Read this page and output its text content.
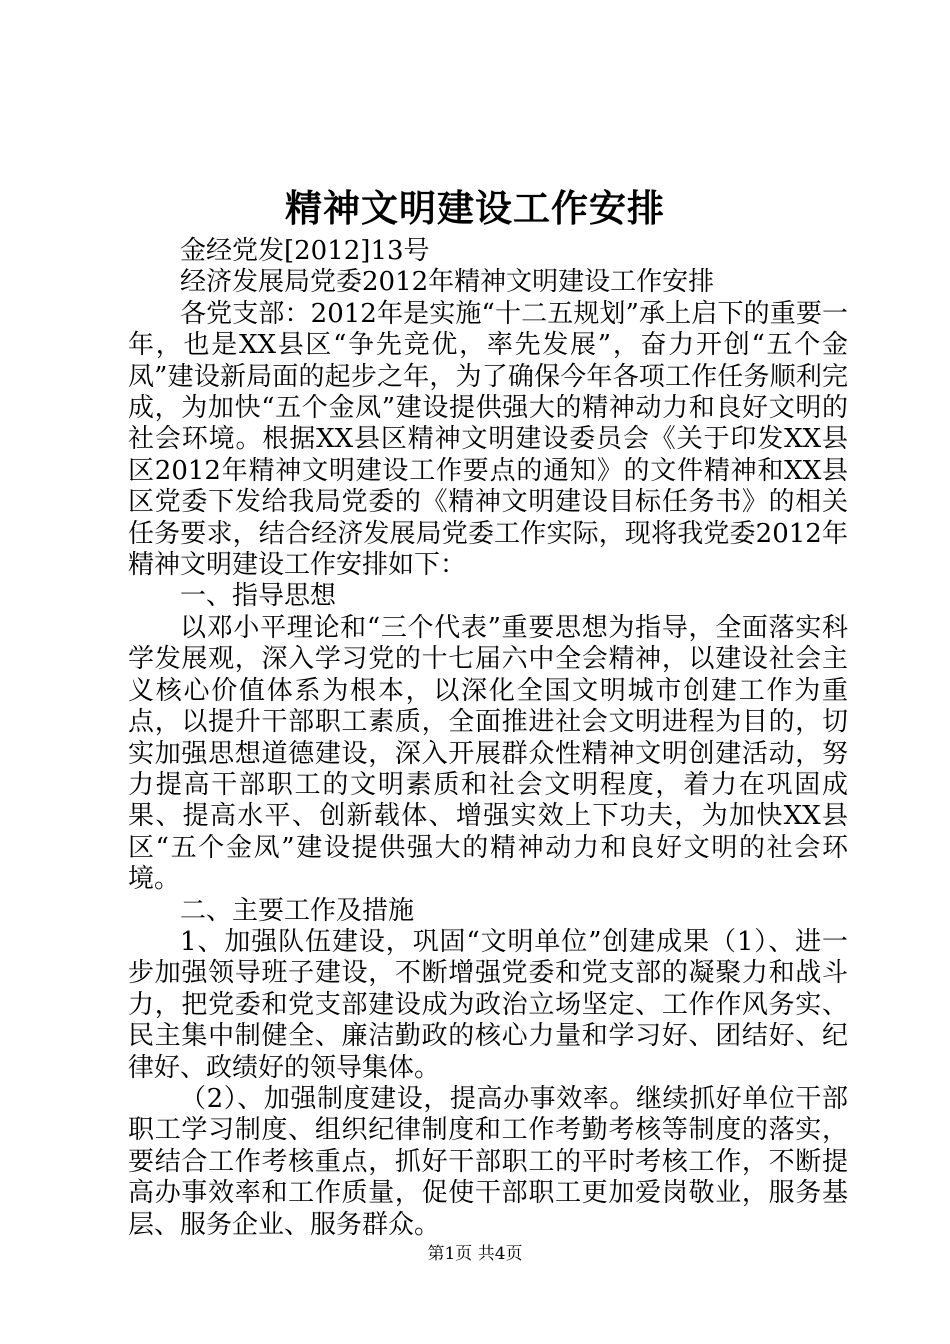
精神文明建设工作安排

金经党发[2012]13号

经济发展局党委2012年精神文明建设工作安排

各党支部：2012年是实施“十二五规划”承上启下的重要一年，也是XX县区“争先竞优，率先发展”，奋力开创“五个金凤”建设新局面的起步之年，为了确保今年各项工作任务顺利完成，为加快“五个金凤”建设提供强大的精神动力和良好文明的社会环境。根据XX县区精神文明建设委员会《关于印发XX县区2012年精神文明建设工作要点的通知》的文件精神和XX县区党委下发给我局党委的《精神文明建设目标任务书》的相关任务要求，结合经济发展局党委工作实际，现将我党委2012年精神文明建设工作安排如下：

一、指导思想

以邓小平理论和“三个代表”重要思想为指导，全面落实科学发展观，深入学习党的十七届六中全会精神，以建设社会主义核心价值体系为根本，以深化全国文明城市创建工作为重点，以提升干部职工素质，全面推进社会文明进程为目的，切实加强思想道德建设，深入开展群众性精神文明创建活动，努力提高干部职工的文明素质和社会文明程度，着力在巩固成果、提高水平、创新载体、增强实效上下功夫，为加快XX县区“五个金凤”建设提供强大的精神动力和良好文明的社会环境。

二、主要工作及措施

1、加强队伍建设，巩固“文明单位”创建成果（1）、进一步加强领导班子建设，不断增强党委和党支部的凝聚力和战斗力，把党委和党支部建设成为政治立场坚定、工作作风务实、民主集中制健全、廉洁勤政的核心力量和学习好、团结好、纪律好、政绩好的领导集体。

（2）、加强制度建设，提高办事效率。继续抓好单位干部职工学习制度、组织纪律制度和工作考勤考核等制度的落实，要结合工作考核重点，抓好干部职工的平时考核工作，不断提高办事效率和工作质量，促使干部职工更加爱岗敬业，服务基层、服务企业、服务群众。

第1页 共4页
